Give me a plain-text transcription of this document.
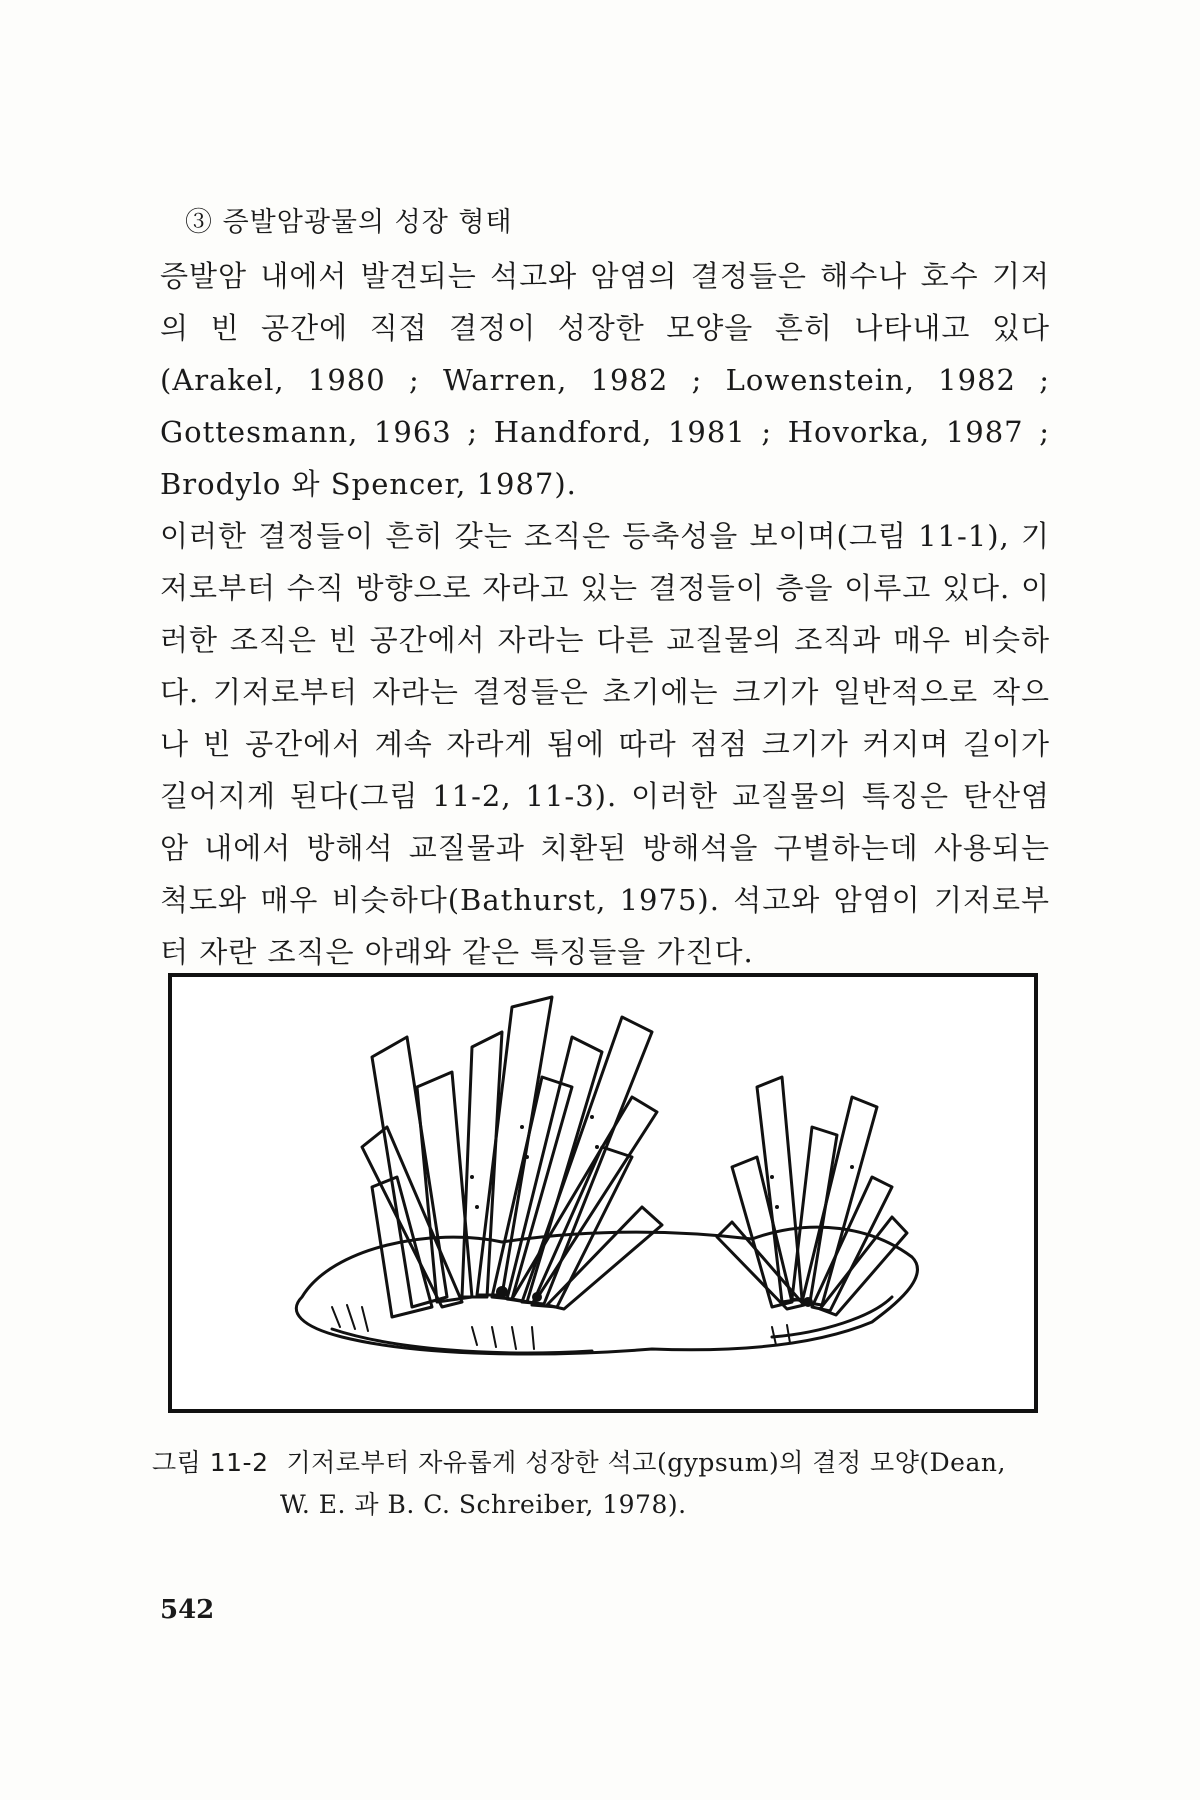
③ 증발암광물의 성장 형태

증발암 내에서 발견되는 석고와 암염의 결정들은 해수나 호수 기저의 빈 공간에 직접 결정이 성장한 모양을 흔히 나타내고 있다(Arakel, 1980 ; Warren, 1982 ; Lowenstein, 1982 ; Gottesmann, 1963 ; Handford, 1981 ; Hovorka, 1987 ; Brodylo 와 Spencer, 1987).

이러한 결정들이 흔히 갖는 조직은 등축성을 보이며(그림 11-1), 기저로부터 수직 방향으로 자라고 있는 결정들이 층을 이루고 있다. 이러한 조직은 빈 공간에서 자라는 다른 교질물의 조직과 매우 비슷하다. 기저로부터 자라는 결정들은 초기에는 크기가 일반적으로 작으나 빈 공간에서 계속 자라게 됨에 따라 점점 크기가 커지며 길이가 길어지게 된다(그림 11-2, 11-3). 이러한 교질물의 특징은 탄산염암 내에서 방해석 교질물과 치환된 방해석을 구별하는데 사용되는 척도와 매우 비슷하다(Bathurst, 1975). 석고와 암염이 기저로부터 자란 조직은 아래와 같은 특징들을 가진다.

그림 11-2 기저로부터 자유롭게 성장한 석고(gypsum)의 결정 모양(Dean,
W. E. 과 B. C. Schreiber, 1978).
542
